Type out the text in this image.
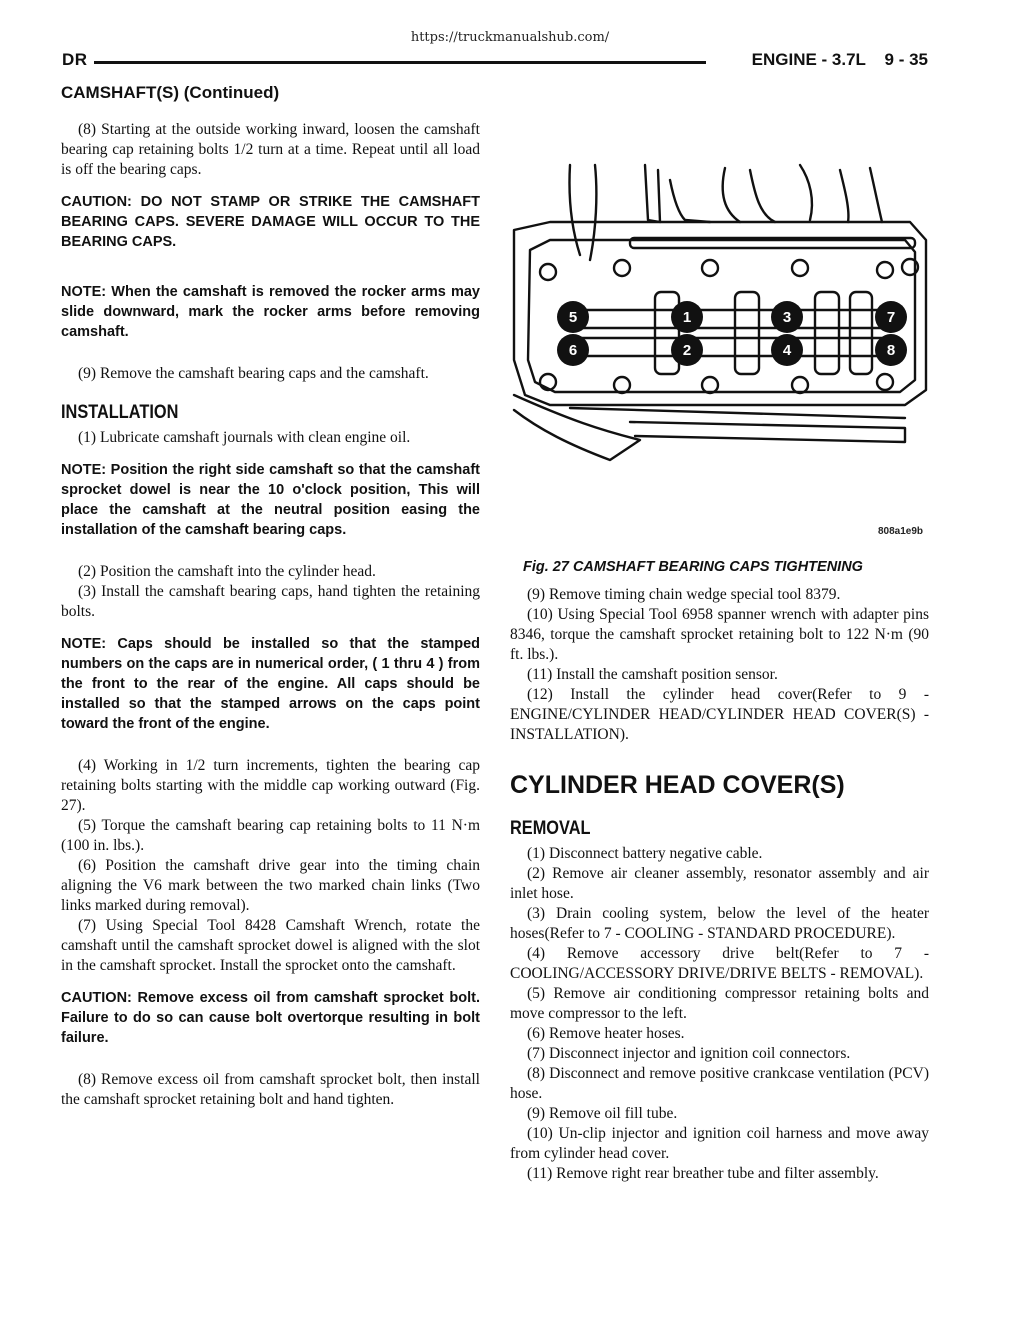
https://truckmanualshub.com/
DR	ENGINE - 3.7L    9 - 35
CAMSHAFT(S) (Continued)

(8) Starting at the outside working inward, loosen the camshaft bearing cap retaining bolts 1/2 turn at a time. Repeat until all load is off the bearing caps.

CAUTION: DO NOT STAMP OR STRIKE THE CAMSHAFT BEARING CAPS. SEVERE DAMAGE WILL OCCUR TO THE BEARING CAPS.

NOTE: When the camshaft is removed the rocker arms may slide downward, mark the rocker arms before removing camshaft.

(9) Remove the camshaft bearing caps and the camshaft.

INSTALLATION

(1) Lubricate camshaft journals with clean engine oil.

NOTE: Position the right side camshaft so that the camshaft sprocket dowel is near the 10 o'clock position, This will place the camshaft at the neutral position easing the installation of the camshaft bearing caps.

(2) Position the camshaft into the cylinder head.

(3) Install the camshaft bearing caps, hand tighten the retaining bolts.

NOTE: Caps should be installed so that the stamped numbers on the caps are in numerical order, ( 1 thru 4 ) from the front to the rear of the engine. All caps should be installed so that the stamped arrows on the caps point toward the front of the engine.

(4) Working in 1/2 turn increments, tighten the bearing cap retaining bolts starting with the middle cap working outward (Fig. 27).

(5) Torque the camshaft bearing cap retaining bolts to 11 N·m (100 in. lbs.).

(6) Position the camshaft drive gear into the timing chain aligning the V6 mark between the two marked chain links (Two links marked during removal).

(7) Using Special Tool 8428 Camshaft Wrench, rotate the camshaft until the camshaft sprocket dowel is aligned with the slot in the camshaft sprocket. Install the sprocket onto the camshaft.

CAUTION: Remove excess oil from camshaft sprocket bolt. Failure to do so can cause bolt overtorque resulting in bolt failure.

(8) Remove excess oil from camshaft sprocket bolt, then install the camshaft sprocket retaining bolt and hand tighten.

5	1	3	7
6	2	4	8
808a1e9b
Fig. 27 CAMSHAFT BEARING CAPS TIGHTENING

(9) Remove timing chain wedge special tool 8379.

(10) Using Special Tool 6958 spanner wrench with adapter pins 8346, torque the camshaft sprocket retaining bolt to 122 N·m (90 ft. lbs.).

(11) Install the camshaft position sensor.

(12) Install the cylinder head cover(Refer to 9 - ENGINE/CYLINDER HEAD/CYLINDER HEAD COVER(S) - INSTALLATION).

CYLINDER HEAD COVER(S)
REMOVAL

(1) Disconnect battery negative cable.

(2) Remove air cleaner assembly, resonator assembly and air inlet hose.

(3) Drain cooling system, below the level of the heater hoses(Refer to 7 - COOLING - STANDARD PROCEDURE).

(4) Remove accessory drive belt(Refer to 7 - COOLING/ACCESSORY DRIVE/DRIVE BELTS - REMOVAL).

(5) Remove air conditioning compressor retaining bolts and move compressor to the left.

(6) Remove heater hoses.

(7) Disconnect injector and ignition coil connectors.

(8) Disconnect and remove positive crankcase ventilation (PCV) hose.

(9) Remove oil fill tube.

(10) Un-clip injector and ignition coil harness and move away from cylinder head cover.

(11) Remove right rear breather tube and filter assembly.
